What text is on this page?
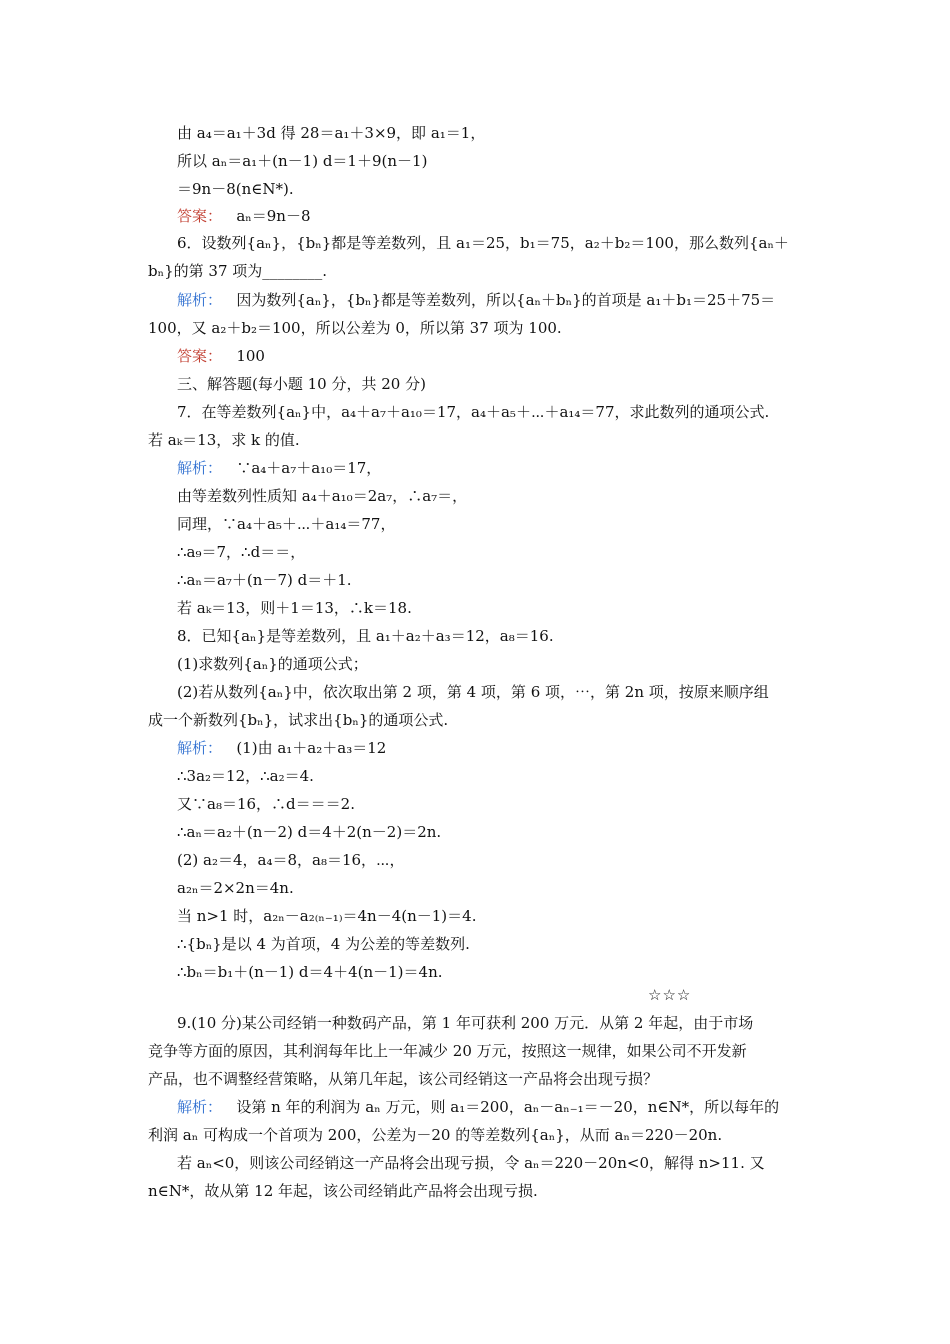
由 a₄＝a₁＋3d 得 28＝a₁＋3×9，即 a₁＝1，
所以 aₙ＝a₁＋(n－1) d＝1＋9(n－1)
＝9n－8(n∈N*).
答案： aₙ＝9n－8
6．设数列{aₙ}，{bₙ}都是等差数列，且 a₁＝25，b₁＝75，a₂＋b₂＝100，那么数列{aₙ＋
bₙ}的第 37 项为________.
解析： 因为数列{aₙ}，{bₙ}都是等差数列，所以{aₙ＋bₙ}的首项是 a₁＋b₁＝25＋75＝
100，又 a₂＋b₂＝100，所以公差为 0，所以第 37 项为 100.
答案： 100
三、解答题(每小题 10 分，共 20 分)
7．在等差数列{aₙ}中，a₄＋a₇＋a₁₀＝17，a₄＋a₅＋⋯＋a₁₄＝77，求此数列的通项公式.
若 aₖ＝13，求 k 的值.
解析： ∵a₄＋a₇＋a₁₀＝17，
由等差数列性质知 a₄＋a₁₀＝2a₇，∴a₇＝，
同理，∵a₄＋a₅＋⋯＋a₁₄＝77，
∴a₉＝7，∴d＝＝，
∴aₙ＝a₇＋(n－7) d＝＋1.
若 aₖ＝13，则＋1＝13，∴k＝18.
8．已知{aₙ}是等差数列，且 a₁＋a₂＋a₃＝12，a₈＝16.
(1)求数列{aₙ}的通项公式；
(2)若从数列{aₙ}中，依次取出第 2 项，第 4 项，第 6 项，⋯，第 2n 项，按原来顺序组
成一个新数列{bₙ}，试求出{bₙ}的通项公式.
解析： (1)由 a₁＋a₂＋a₃＝12
∴3a₂＝12，∴a₂＝4.
又∵a₈＝16，∴d＝＝＝2.
∴aₙ＝a₂＋(n－2) d＝4＋2(n－2)＝2n.
(2) a₂＝4，a₄＝8，a₈＝16，⋯，
a₂ₙ＝2×2n＝4n.
当 n>1 时，a₂ₙ－a₂₍ₙ₋₁₎＝4n－4(n－1)＝4.
∴{bₙ}是以 4 为首项，4 为公差的等差数列.
∴bₙ＝b₁＋(n－1) d＝4＋4(n－1)＝4n.
☆☆☆
9.(10 分)某公司经销一种数码产品，第 1 年可获利 200 万元．从第 2 年起，由于市场
竞争等方面的原因，其利润每年比上一年减少 20 万元，按照这一规律，如果公司不开发新
产品，也不调整经营策略，从第几年起，该公司经销这一产品将会出现亏损？
解析： 设第 n 年的利润为 aₙ 万元，则 a₁＝200，aₙ－aₙ₋₁＝－20，n∈N*，所以每年的
利润 aₙ 可构成一个首项为 200，公差为－20 的等差数列{aₙ}，从而 aₙ＝220－20n.
若 aₙ<0，则该公司经销这一产品将会出现亏损，令 aₙ＝220－20n<0，解得 n>11. 又
n∈N*，故从第 12 年起，该公司经销此产品将会出现亏损.
